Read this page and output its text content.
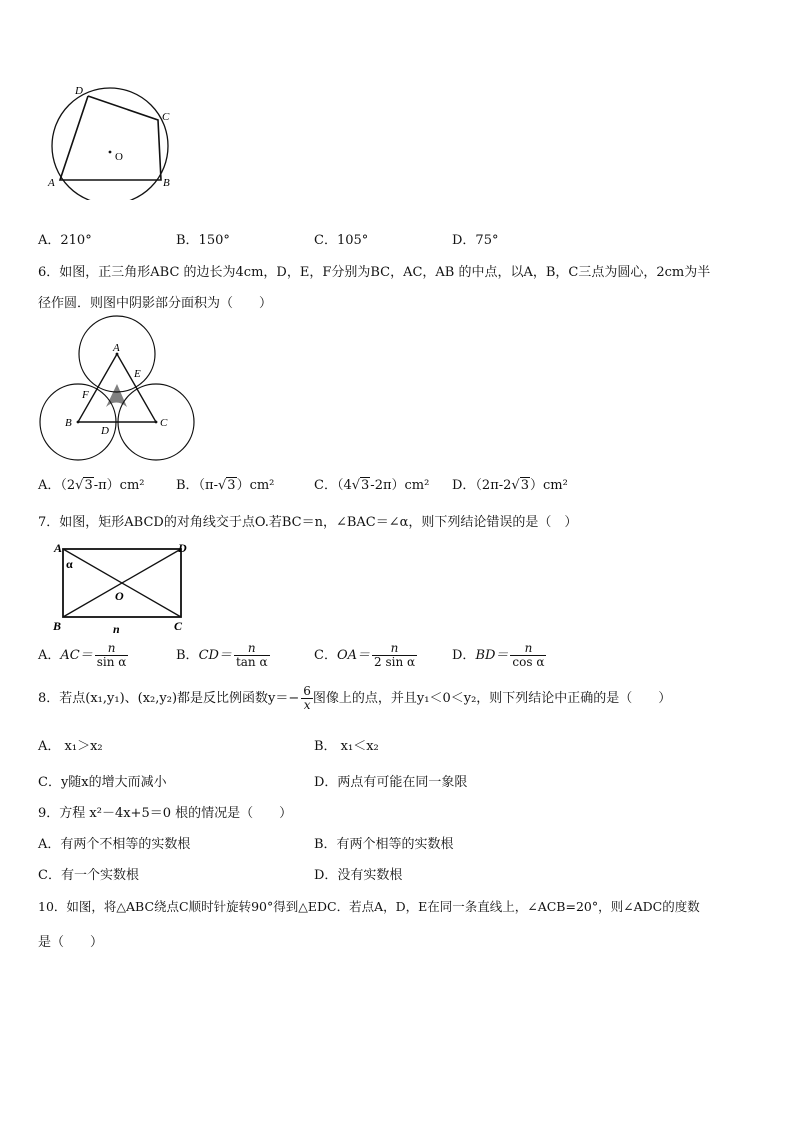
D
C
O
A	B
A．210°	B．150°	C．105°	D．75°
6．如图，正三角形ABC 的边长为4cm，D，E，F分别为BC，AC，AB 的中点，以A，B，C三点为圆心，2cm为半
径作圆．则图中阴影部分面积为（　　）
A
E
F
B
D
C
A．（2√3-π）cm² B．（π-√3）cm²	C．（4√3-2π）cm² D．（2π-2√3）cm²
7．如图，矩形ABCD的对角线交于点O.若BC＝n，∠BAC＝∠α，则下列结论错误的是（　）
A	D
α
O
B	n	C
A．$AC= \frac{n}{\text{sin α}}$	B．$CD= \frac{n}{\text{tan α}}$	C．$OA= \frac{n}{\text{2 sin α}}$	D．$BD= \frac{n}{\text{cos α}}$
8．若点(x₁,y₁)、(x₂,y₂)都是反比例函数$y=- \frac{6}{x}$ 图像上的点，并且y₁＜0＜y₂，则下列结论中正确的是（　　）
A． x₁＞x₂	B． x₁＜x₂
C．y随x的增大而减小	D．两点有可能在同一象限
9．方程 x²－4x+5＝0 根的情况是（　　）
A．有两个不相等的实数根	B．有两个相等的实数根
C．有一个实数根	D．没有实数根
10．如图，将△ABC绕点C顺时针旋转90°得到△EDC．若点A，D，E在同一条直线上，∠ACB=20°，则∠ADC的度数
是（　　）
